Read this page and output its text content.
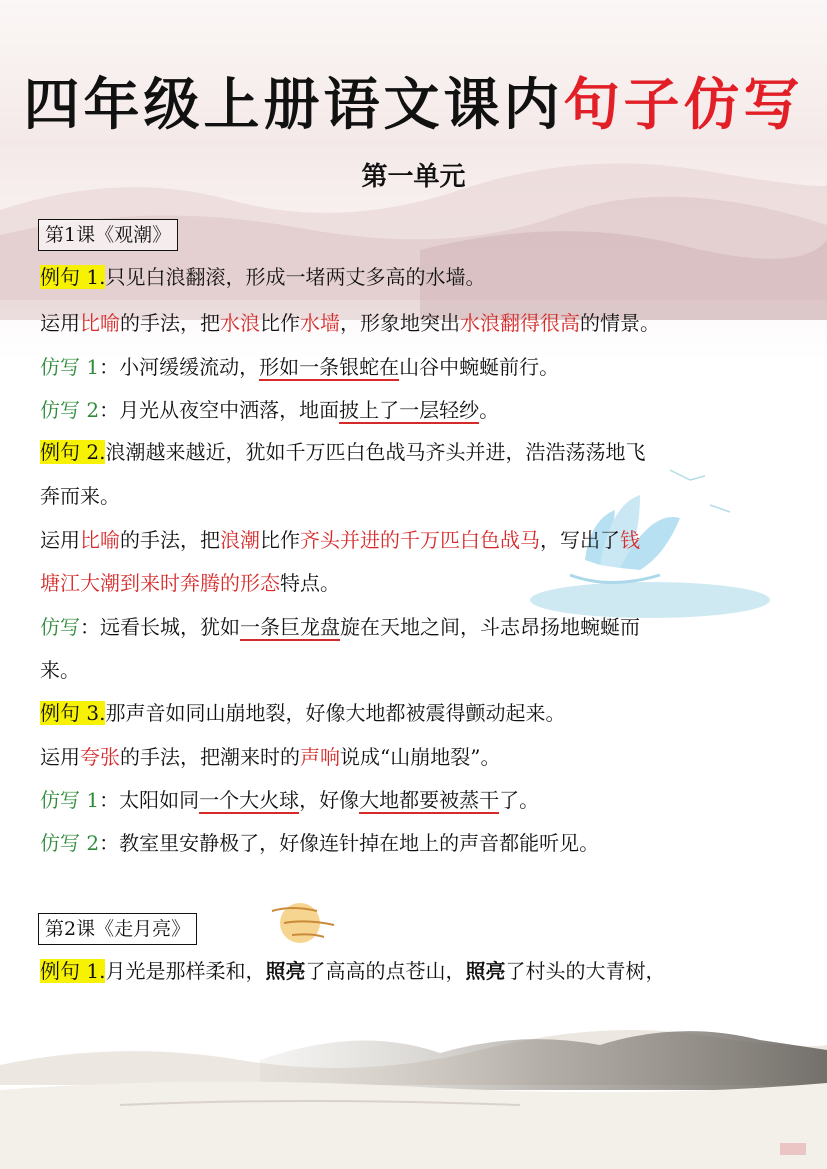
四年级上册语文课内句子仿写
第一单元
第1课《观潮》
例句 1.只见白浪翻滚，形成一堵两丈多高的水墙。
运用比喻的手法，把水浪比作水墙，形象地突出水浪翻得很高的情景。
仿写 1：小河缓缓流动，形如一条银蛇在山谷中蜿蜒前行。
仿写 2：月光从夜空中洒落，地面披上了一层轻纱。
例句 2.浪潮越来越近，犹如千万匹白色战马齐头并进，浩浩荡荡地飞
奔而来。
运用比喻的手法，把浪潮比作齐头并进的千万匹白色战马，写出了钱
塘江大潮到来时奔腾的形态特点。
仿写：远看长城，犹如一条巨龙盘旋在天地之间，斗志昂扬地蜿蜒而
来。
例句 3.那声音如同山崩地裂，好像大地都被震得颤动起来。
运用夸张的手法，把潮来时的声响说成“山崩地裂”。
仿写 1：太阳如同一个大火球，好像大地都要被蒸干了。
仿写 2：教室里安静极了，好像连针掉在地上的声音都能听见。
第2课《走月亮》
例句 1.月光是那样柔和，照亮了高高的点苍山，照亮了村头的大青树，
